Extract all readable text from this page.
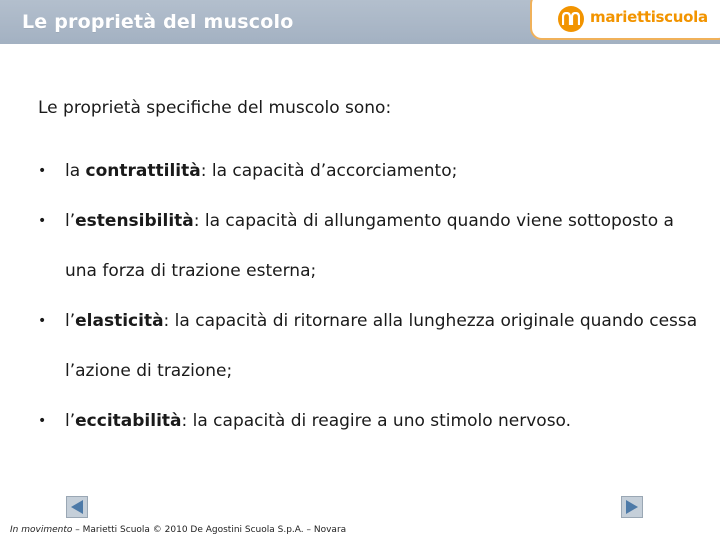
Le proprietà del muscolo	mariettiscuola

Le proprietà specifiche del muscolo sono:

• la contrattilità: la capacità d’accorciamento;
• l’estensibilità: la capacità di allungamento quando viene sottoposto a una forza di trazione esterna;
• l’elasticità: la capacità di ritornare alla lunghezza originale quando cessa l’azione di trazione;
• l’eccitabilità: la capacità di reagire a uno stimolo nervoso.
In movimento – Marietti Scuola © 2010 De Agostini Scuola S.p.A. – Novara
